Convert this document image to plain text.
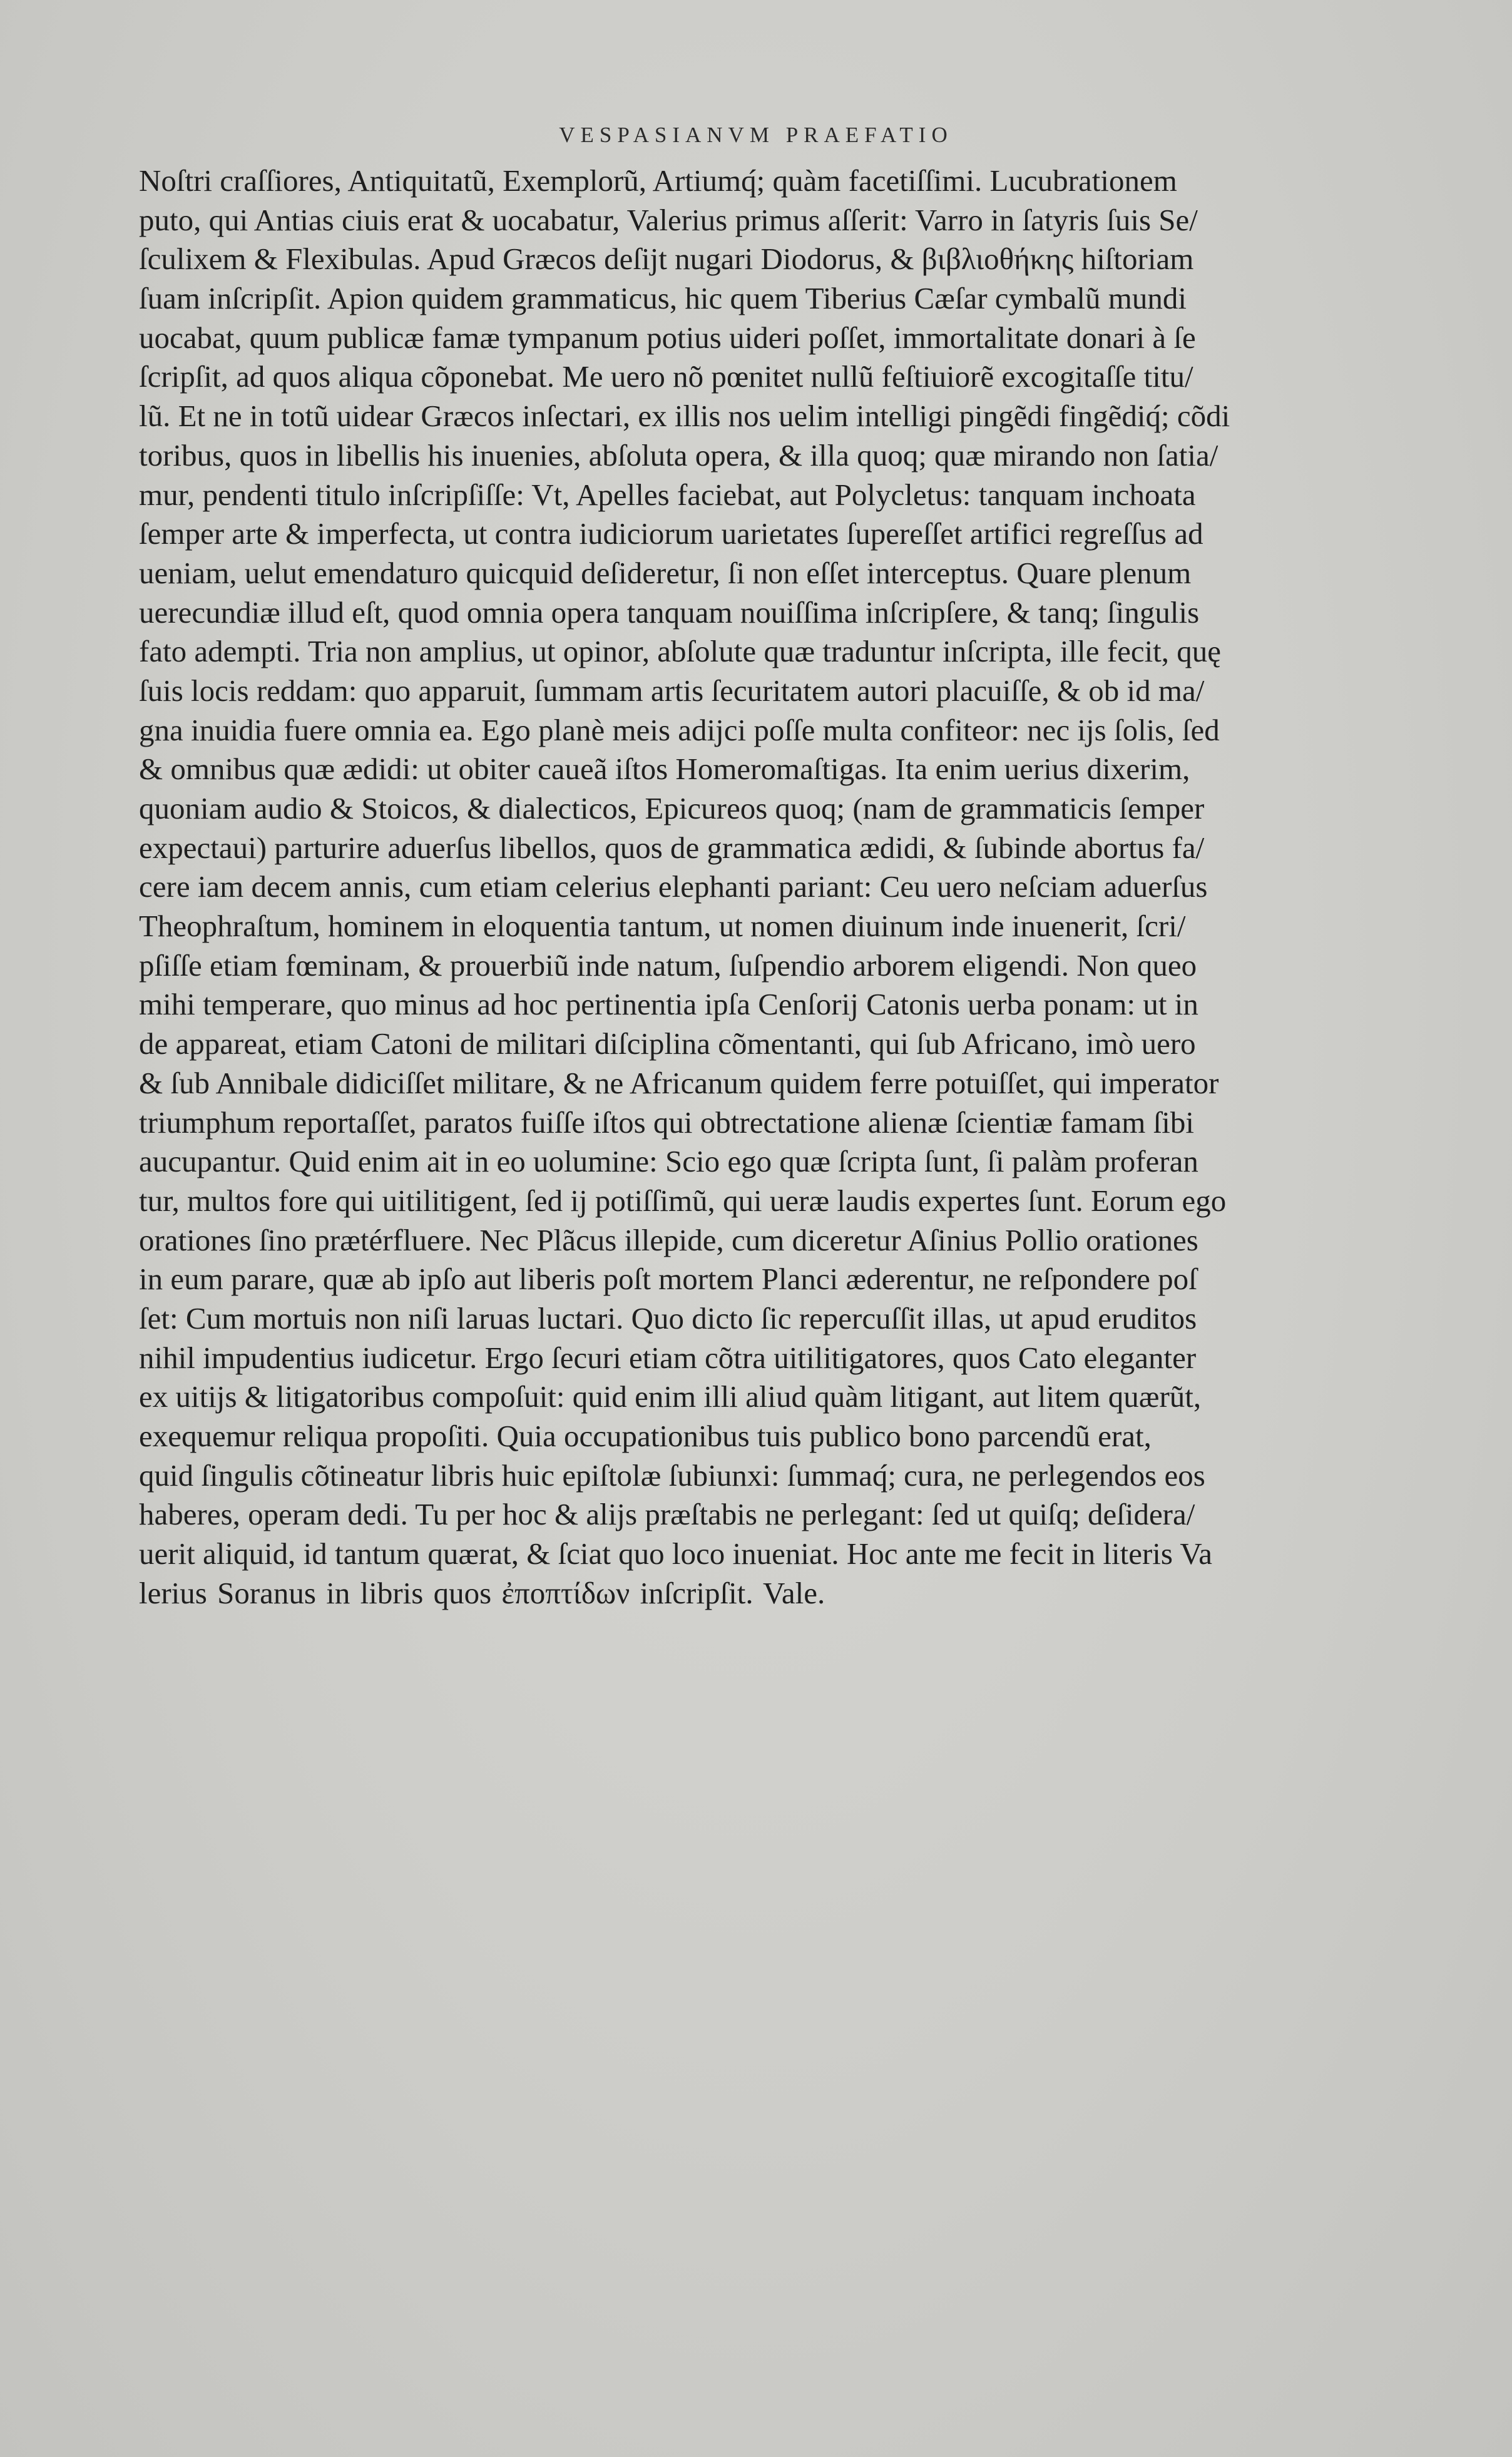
VESPASIANVM PRAEFATIO
Noſtri craſſiores, Antiquitatũ, Exemplorũ, Artiumq́; quàm facetiſſimi. Lucubrationem
puto, qui Antias ciuis erat & uocabatur, Valerius primus aſſerit: Varro in ſatyris ſuis Se/
ſculixem & Flexibulas. Apud Græcos deſijt nugari Diodorus, & βιβλιοθήκης hiſtoriam
ſuam inſcripſit. Apion quidem grammaticus, hic quem Tiberius Cæſar cymbalũ mundi
uocabat, quum publicæ famæ tympanum potius uideri poſſet, immortalitate donari à ſe
ſcripſit, ad quos aliqua cõponebat. Me uero nõ pœnitet nullũ feſtiuiorẽ excogitaſſe titu/
lũ. Et ne in totũ uidear Græcos inſectari, ex illis nos uelim intelligi pingẽdi fingẽdiq́; cõdi
toribus, quos in libellis his inuenies, abſoluta opera, & illa quoq; quæ mirando non ſatia/
mur, pendenti titulo inſcripſiſſe: Vt, Apelles faciebat, aut Polycletus: tanquam inchoata
ſemper arte & imperfecta, ut contra iudiciorum uarietates ſupereſſet artifici regreſſus ad
ueniam, uelut emendaturo quicquid deſideretur, ſi non eſſet interceptus. Quare plenum
uerecundiæ illud eſt, quod omnia opera tanquam nouiſſima inſcripſere, & tanq; ſingulis
fato adempti. Tria non amplius, ut opinor, abſolute quæ traduntur inſcripta, ille fecit, quę
ſuis locis reddam: quo apparuit, ſummam artis ſecuritatem autori placuiſſe, & ob id ma/
gna inuidia fuere omnia ea. Ego planè meis adijci poſſe multa confiteor: nec ijs ſolis, ſed
& omnibus quæ ædidi: ut obiter caueã iſtos Homeromaſtigas. Ita enim uerius dixerim,
quoniam audio & Stoicos, & dialecticos, Epicureos quoq; (nam de grammaticis ſemper
expectaui) parturire aduerſus libellos, quos de grammatica ædidi, & ſubinde abortus fa/
cere iam decem annis, cum etiam celerius elephanti pariant: Ceu uero neſciam aduerſus
Theophraſtum, hominem in eloquentia tantum, ut nomen diuinum inde inuenerit, ſcri/
pſiſſe etiam fœminam, & prouerbiũ inde natum, ſuſpendio arborem eligendi. Non queo
mihi temperare, quo minus ad hoc pertinentia ipſa Cenſorij Catonis uerba ponam: ut in
de appareat, etiam Catoni de militari diſciplina cõmentanti, qui ſub Africano, imò uero
& ſub Annibale didiciſſet militare, & ne Africanum quidem ferre potuiſſet, qui imperator
triumphum reportaſſet, paratos fuiſſe iſtos qui obtrectatione alienæ ſcientiæ famam ſibi
aucupantur. Quid enim ait in eo uolumine: Scio ego quæ ſcripta ſunt, ſi palàm proferan
tur, multos fore qui uitilitigent, ſed ij potiſſimũ, qui ueræ laudis expertes ſunt. Eorum ego
orationes ſino prætérfluere. Nec Plãcus illepide, cum diceretur Aſinius Pollio orationes
in eum parare, quæ ab ipſo aut liberis poſt mortem Planci æderentur, ne reſpondere poſ
ſet: Cum mortuis non niſi laruas luctari. Quo dicto ſic repercuſſit illas, ut apud eruditos
nihil impudentius iudicetur. Ergo ſecuri etiam cõtra uitilitigatores, quos Cato eleganter
ex uitijs & litigatoribus compoſuit: quid enim illi aliud quàm litigant, aut litem quærũt,
exequemur reliqua propoſiti. Quia occupationibus tuis publico bono parcendũ erat,
quid ſingulis cõtineatur libris huic epiſtolæ ſubiunxi: ſummaq́; cura, ne perlegendos eos
haberes, operam dedi. Tu per hoc & alijs præſtabis ne perlegant: ſed ut quiſq; deſidera/
uerit aliquid, id tantum quærat, & ſciat quo loco inueniat. Hoc ante me fecit in literis Va
lerius Soranus in libris quos ἐποπτίδων inſcripſit. Vale.
